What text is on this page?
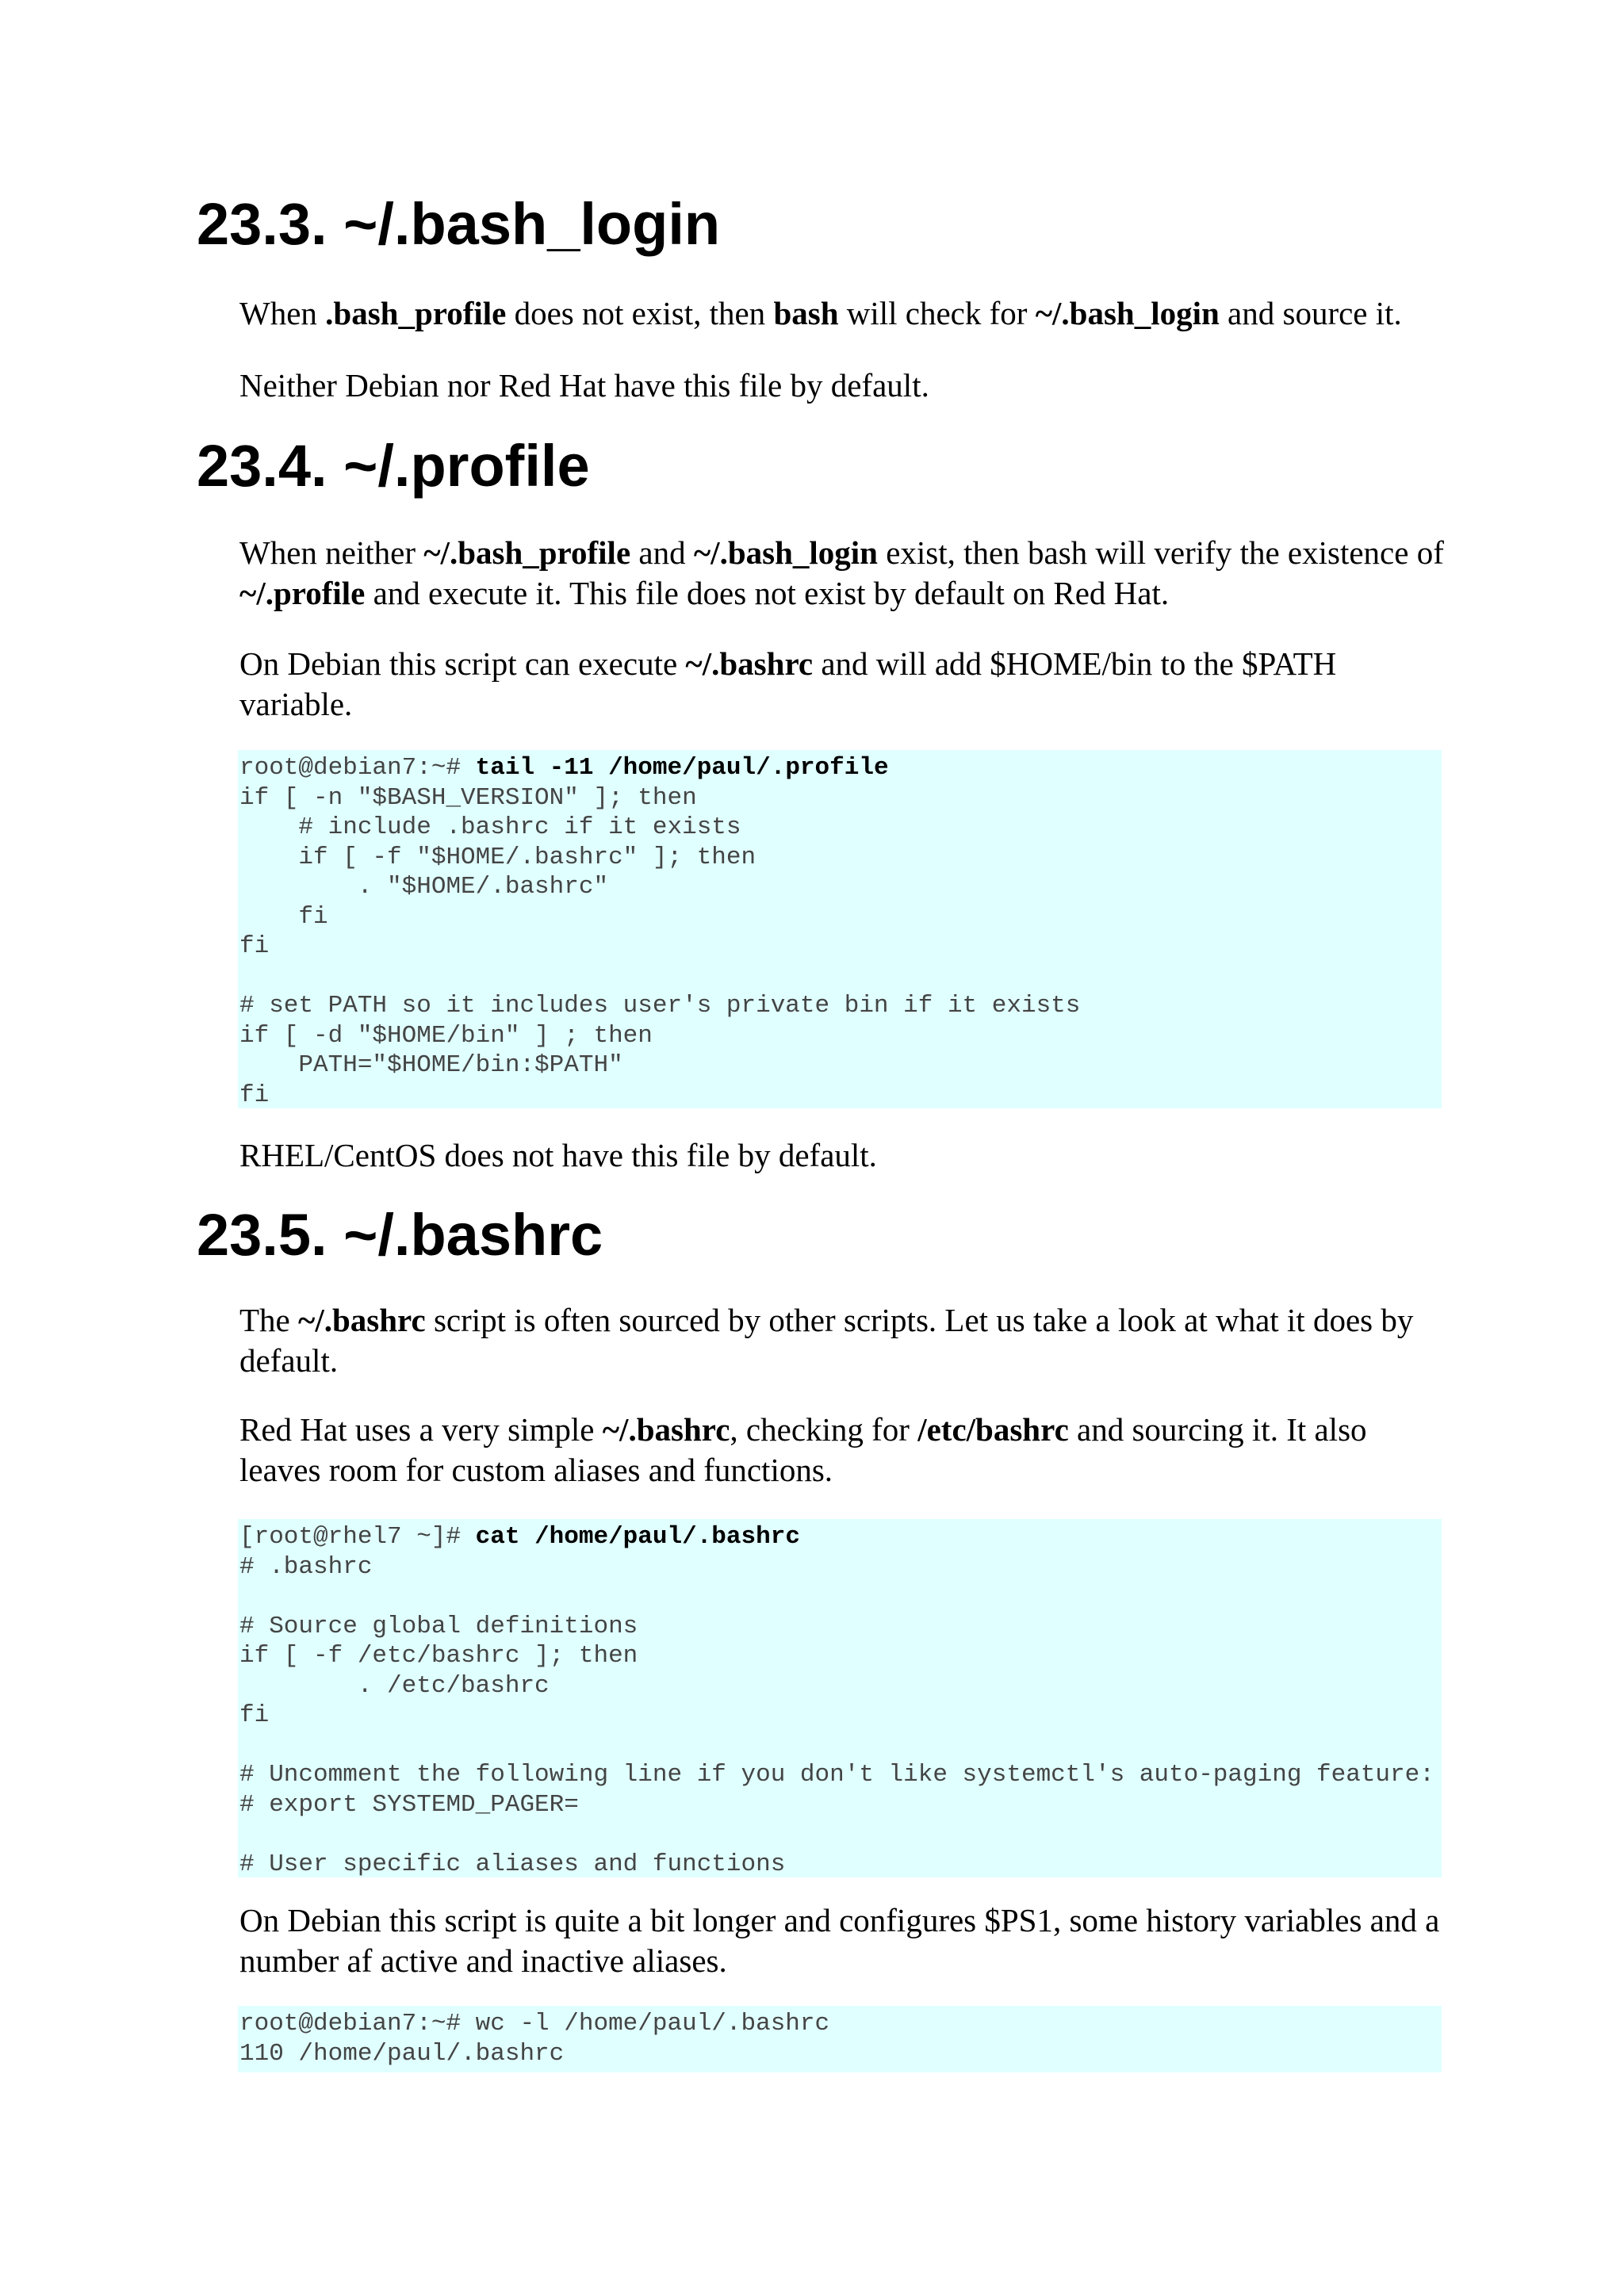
23.3. ~/.bash_login

When .bash_profile does not exist, then bash will check for ~/.bash_login and source it.

Neither Debian nor Red Hat have this file by default.

23.4. ~/.profile

When neither ~/.bash_profile and ~/.bash_login exist, then bash will verify the existence of ~/.profile and execute it. This file does not exist by default on Red Hat.

On Debian this script can execute ~/.bashrc and will add $HOME/bin to the $PATH variable.

root@debian7:~# tail -11 /home/paul/.profile
if [ -n "$BASH_VERSION" ]; then
# include .bashrc if it exists
if [ -f "$HOME/.bashrc" ]; then
. "$HOME/.bashrc"
fi
fi
# set PATH so it includes user's private bin if it exists
if [ -d "$HOME/bin" ] ; then
PATH="$HOME/bin:$PATH"
fi

RHEL/CentOS does not have this file by default.

23.5. ~/.bashrc

The ~/.bashrc script is often sourced by other scripts. Let us take a look at what it does by default.

Red Hat uses a very simple ~/.bashrc, checking for /etc/bashrc and sourcing it. It also leaves room for custom aliases and functions.

[root@rhel7 ~]# cat /home/paul/.bashrc
# .bashrc
# Source global definitions
if [ -f /etc/bashrc ]; then
. /etc/bashrc
fi
# Uncomment the following line if you don't like systemctl's auto-paging feature:
# export SYSTEMD_PAGER=
# User specific aliases and functions

On Debian this script is quite a bit longer and configures $PS1, some history variables and a number af active and inactive aliases.

root@debian7:~# wc -l /home/paul/.bashrc
110 /home/paul/.bashrc
